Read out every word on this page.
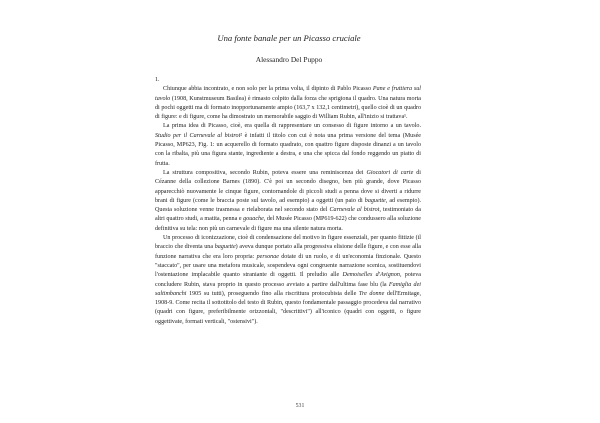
Una fonte banale per un Picasso cruciale
Alessandro Del Puppo

1.

Chiunque abbia incontrato, e non solo per la prima volta, il dipinto di Pablo Picasso Pane e fruttiera sul tavolo (1908, Kunstmuseum Basilea) è rimasto colpito dalla forza che sprigiona il quadro. Una natura morta di pochi oggetti ma di formato inopportunamente ampio (163,7 x 132,1 centimetri), quello cioè di un quadro di figure: e di figure, come ha dimostrato un memorabile saggio di William Rubin, all'inizio si trattava¹.

La prima idea di Picasso, cioè, era quella di rappresentare un consesso di figure intorno a un tavolo. Studio per il Carnevale al bistrot² è infatti il titolo con cui è nota una prima versione del tema (Musée Picasso, MP623, Fig. 1: un acquerello di formato quadrato, con quattro figure disposte dinanzi a un tavolo con la ribalta, più una figura stante, ingrediente a destra, e una che spicca dal fondo reggendo un piatto di frutta.

La struttura compositiva, secondo Rubin, poteva essere una reminiscenza dei Giocatori di carte di Cézanne della collezione Barnes (1890). C'è poi un secondo disegno, ben più grande, dove Picasso apparecchiò nuovamente le cinque figure, contornandole di piccoli studi a penna dove si diverti a ridurre brani di figure (come le braccia poste sul tavolo, ad esempio) a oggetti (un paio di baguette, ad esempio). Questa soluzione venne trasmessa e rielaborata nel secondo stato del Carnevale al bistrot, testimoniato da altri quattro studi, a matita, penna e gouache, del Musée Picasso (MP619-622) che condussero alla soluzione definitiva su tela: non più un carnevale di figure ma una silente natura morta.

Un processo di iconizzazione, cioè di condensazione del motivo in figure essenziali, per quanto fittizie (il braccio che diventa una baguette) aveva dunque portato alla progressiva elisione delle figure, e con esse alla funzione narrativa che era loro propria: personae dotate di un ruolo, e di un'economia finzionale. Questo "staccato", per usare una metafora musicale, sospendeva ogni congruente narrazione scenica, sostituendovi l'ostentazione implacabile quanto straniante di oggetti. Il preludio alle Demoiselles d'Avignon, poteva concludere Rubin, stava proprio in questo processo avviato a partire dall'ultima fase blu (la Famiglia dei saltimbanchi 1905 su tutti), proseguendo fino alla riscrittura protocubista delle Tre donne dell'Ermitage, 1908-9. Come recita il sottotitolo del testo di Rubin, questo fondamentale passaggio procedeva dal narrativo (quadri con figure, preferibilmente orizzontali, "descrittivi") all'iconico (quadri con oggetti, o figure oggettivate, formati verticali, "ostensivi").

531
